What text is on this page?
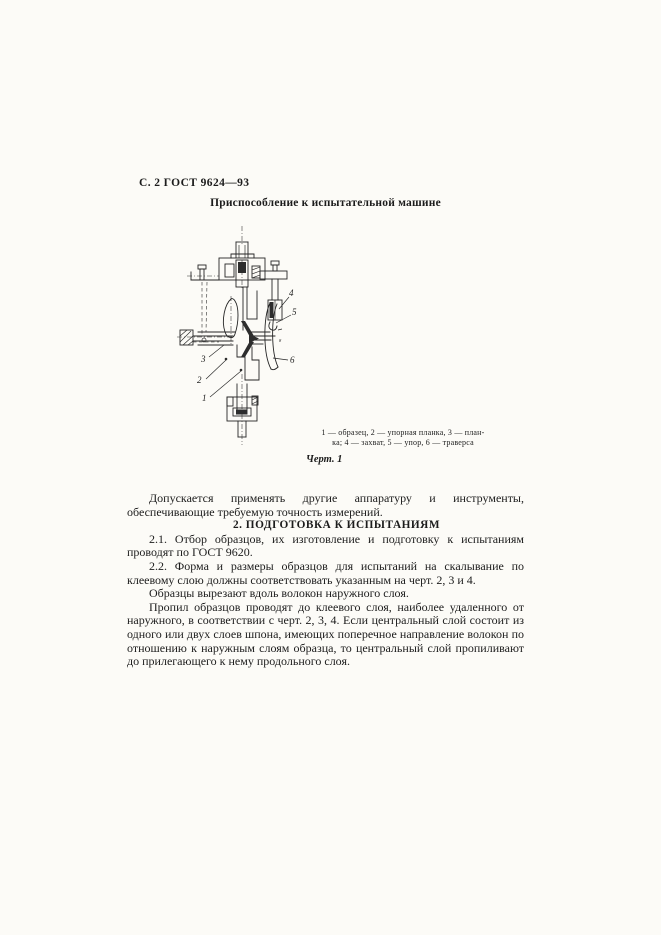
С. 2 ГОСТ 9624—93
Приспособление к испытательной машине
8
4
5
6
3
2
1
1 — образец, 2 — упорная планка, 3 — план-
ка; 4 — захват, 5 — упор, 6 — траверса
Черт. 1

Допускается применять другие аппаратуру и инструменты, обеспечивающие требуемую точность измерений.

2. ПОДГОТОВКА К ИСПЫТАНИЯМ

2.1. Отбор образцов, их изготовление и подготовку к испытаниям проводят по ГОСТ 9620.

2.2. Форма и размеры образцов для испытаний на скалывание по клеевому слою должны соответствовать указанным на черт. 2, 3 и 4.

Образцы вырезают вдоль волокон наружного слоя.

Пропил образцов проводят до клеевого слоя, наиболее удаленного от наружного, в соответствии с черт. 2, 3, 4. Если центральный слой состоит из одного или двух слоев шпона, имеющих поперечное направление волокон по отношению к наружным слоям образца, то центральный слой пропиливают до прилегающего к нему продольного слоя.
